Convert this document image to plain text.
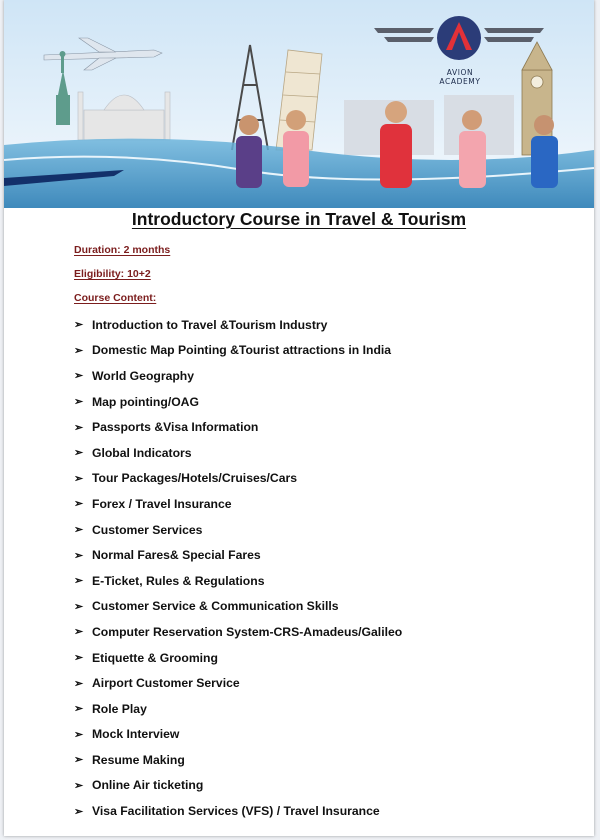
AVION ACADEMY
Introductory Course in Travel & Tourism
Duration: 2 months
Eligibility: 10+2
Course Content:
➢ Introduction to Travel &Tourism Industry
➢ Domestic Map Pointing &Tourist attractions in India
➢ World Geography
➢ Map pointing/OAG
➢ Passports &Visa Information
➢ Global Indicators
➢ Tour Packages/Hotels/Cruises/Cars
➢ Forex / Travel Insurance
➢ Customer Services
➢ Normal Fares& Special Fares
➢ E-Ticket, Rules & Regulations
➢ Customer Service & Communication Skills
➢ Computer Reservation System-CRS-Amadeus/Galileo
➢ Etiquette & Grooming
➢ Airport Customer Service
➢ Role Play
➢ Mock Interview
➢ Resume Making
➢ Online Air ticketing
➢ Visa Facilitation Services (VFS) / Travel Insurance
